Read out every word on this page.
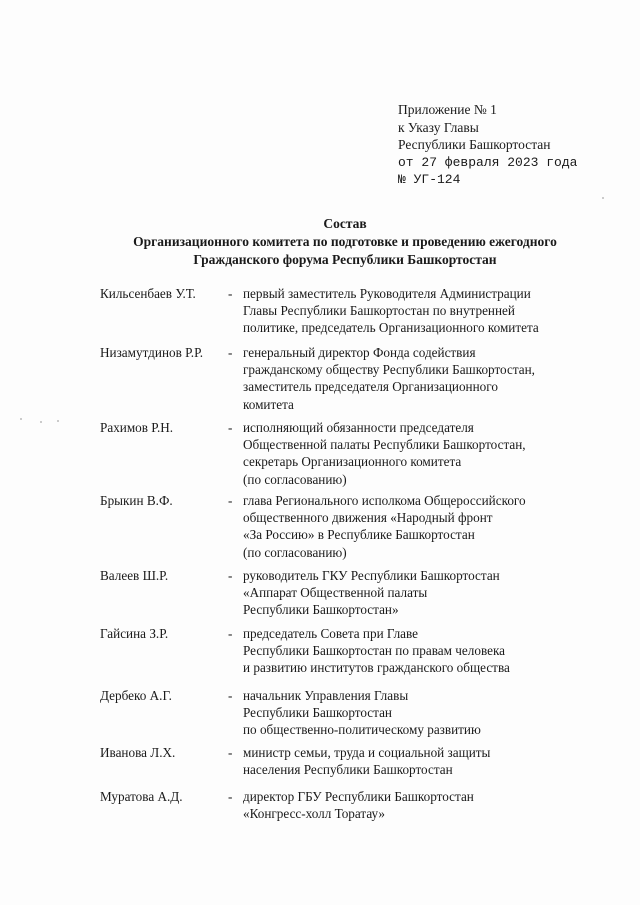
Приложение № 1
к Указу Главы
Республики Башкортостан
от 27 февраля 2023 года
№ УГ-124
Состав
Организационного комитета по подготовке и проведению ежегодного
Гражданского форума Республики Башкортостан
Кильсенбаев У.Т.	- первый заместитель Руководителя Администрации
Главы Республики Башкортостан по внутренней
политике, председатель Организационного комитета
Низамутдинов Р.Р.	- генеральный директор Фонда содействия
гражданскому обществу Республики Башкортостан,
заместитель председателя Организационного
комитета
Рахимов Р.Н.	- исполняющий обязанности председателя
Общественной палаты Республики Башкортостан,
секретарь Организационного комитета
(по согласованию)
Брыкин В.Ф.	- глава Регионального исполкома Общероссийского
общественного движения «Народный фронт
«За Россию» в Республике Башкортостан
(по согласованию)
Валеев Ш.Р.	- руководитель ГКУ Республики Башкортостан
«Аппарат Общественной палаты
Республики Башкортостан»
Гайсина З.Р.	- председатель Совета при Главе
Республики Башкортостан по правам человека
и развитию институтов гражданского общества
Дербеко А.Г.	- начальник Управления Главы
Республики Башкортостан
по общественно-политическому развитию
Иванова Л.Х.	- министр семьи, труда и социальной защиты
населения Республики Башкортостан
Муратова А.Д.	- директор ГБУ Республики Башкортостан
«Конгресс-холл Торатау»
